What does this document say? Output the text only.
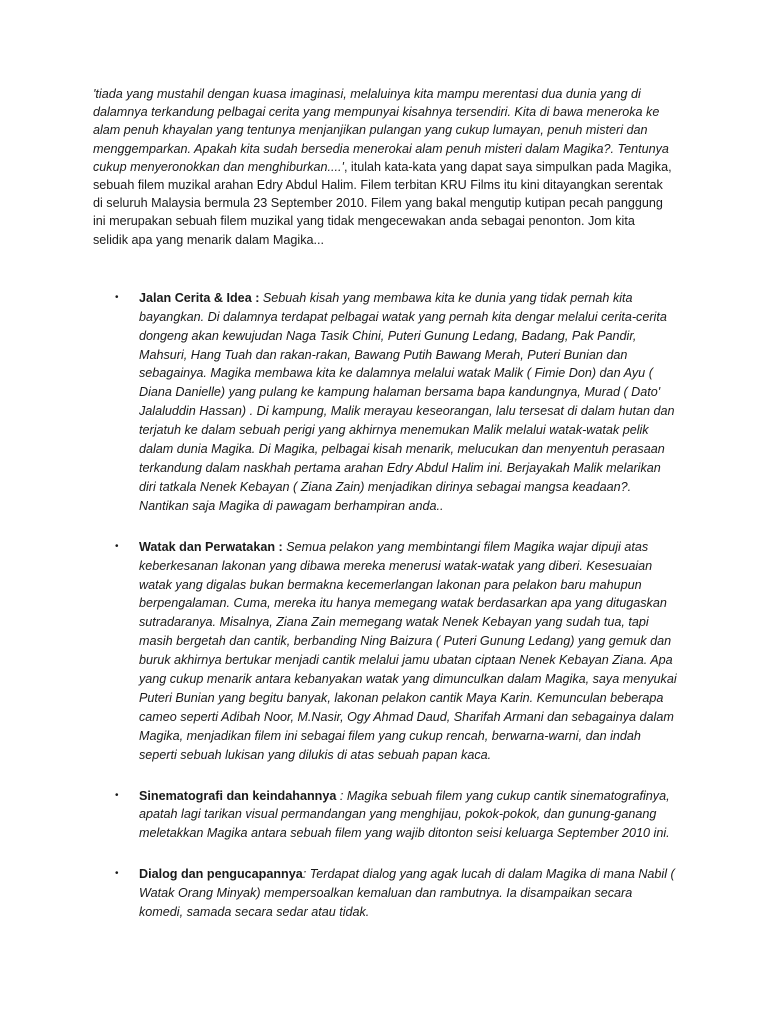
'tiada yang mustahil dengan kuasa imaginasi, melaluinya kita mampu merentasi dua dunia yang di dalamnya terkandung pelbagai cerita yang mempunyai kisahnya tersendiri. Kita di bawa meneroka ke alam penuh khayalan yang tentunya menjanjikan pulangan yang cukup lumayan, penuh misteri dan menggemparkan. Apakah kita sudah bersedia menerokai alam penuh misteri dalam Magika?. Tentunya cukup menyeronokkan dan menghiburkan....', itulah kata-kata yang dapat saya simpulkan pada Magika, sebuah filem muzikal arahan Edry Abdul Halim. Filem terbitan KRU Films itu kini ditayangkan serentak di seluruh Malaysia bermula 23 September 2010. Filem yang bakal mengutip kutipan pecah panggung ini merupakan sebuah filem muzikal yang tidak mengecewakan anda sebagai penonton. Jom kita selidik apa yang menarik dalam Magika...

• Jalan Cerita & Idea : Sebuah kisah yang membawa kita ke dunia yang tidak pernah kita bayangkan. Di dalamnya terdapat pelbagai watak yang pernah kita dengar melalui cerita-cerita dongeng akan kewujudan Naga Tasik Chini, Puteri Gunung Ledang, Badang, Pak Pandir, Mahsuri, Hang Tuah dan rakan-rakan, Bawang Putih Bawang Merah, Puteri Bunian dan sebagainya. Magika membawa kita ke dalamnya melalui watak Malik ( Fimie Don) dan Ayu ( Diana Danielle) yang pulang ke kampung halaman bersama bapa kandungnya, Murad ( Dato' Jalaluddin Hassan) . Di kampung, Malik merayau keseorangan, lalu tersesat di dalam hutan dan terjatuh ke dalam sebuah perigi yang akhirnya menemukan Malik melalui watak-watak pelik dalam dunia Magika. Di Magika, pelbagai kisah menarik, melucukan dan menyentuh perasaan terkandung dalam naskhah pertama arahan Edry Abdul Halim ini. Berjayakah Malik melarikan diri tatkala Nenek Kebayan ( Ziana Zain) menjadikan dirinya sebagai mangsa keadaan?. Nantikan saja Magika di pawagam berhampiran anda..
• Watak dan Perwatakan : Semua pelakon yang membintangi filem Magika wajar dipuji atas keberkesanan lakonan yang dibawa mereka menerusi watak-watak yang diberi. Kesesuaian watak yang digalas bukan bermakna kecemerlangan lakonan para pelakon baru mahupun berpengalaman. Cuma, mereka itu hanya memegang watak berdasarkan apa yang ditugaskan sutradaranya. Misalnya, Ziana Zain memegang watak Nenek Kebayan yang sudah tua, tapi masih bergetah dan cantik, berbanding Ning Baizura ( Puteri Gunung Ledang) yang gemuk dan buruk akhirnya bertukar menjadi cantik melalui jamu ubatan ciptaan Nenek Kebayan Ziana. Apa yang cukup menarik antara kebanyakan watak yang dimunculkan dalam Magika, saya menyukai Puteri Bunian yang begitu banyak, lakonan pelakon cantik Maya Karin. Kemunculan beberapa cameo seperti Adibah Noor, M.Nasir, Ogy Ahmad Daud, Sharifah Armani dan sebagainya dalam Magika, menjadikan filem ini sebagai filem yang cukup rencah, berwarna-warni, dan indah seperti sebuah lukisan yang dilukis di atas sebuah papan kaca.
• Sinematografi dan keindahannya : Magika sebuah filem yang cukup cantik sinematografinya, apatah lagi tarikan visual permandangan yang menghijau, pokok-pokok, dan gunung-ganang meletakkan Magika antara sebuah filem yang wajib ditonton seisi keluarga September 2010 ini.
• Dialog dan pengucapannya: Terdapat dialog yang agak lucah di dalam Magika di mana Nabil ( Watak Orang Minyak) mempersoalkan kemaluan dan rambutnya. Ia disampaikan secara komedi, samada secara sedar atau tidak.
